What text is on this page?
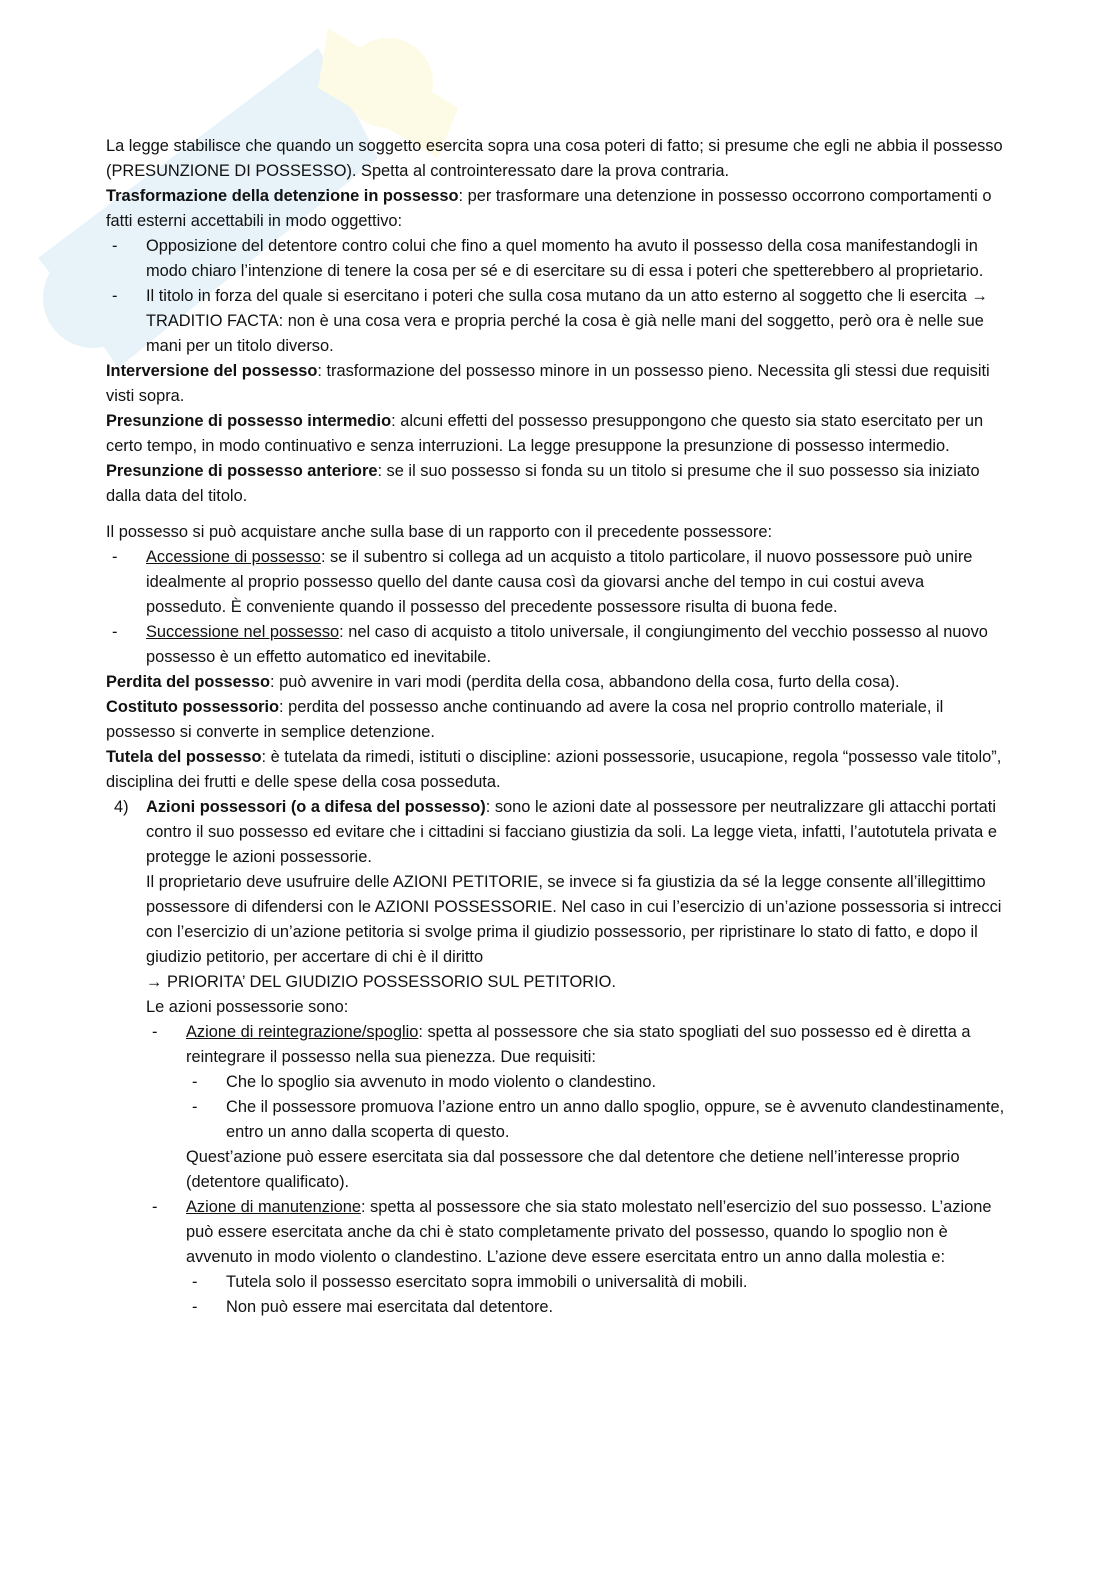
La legge stabilisce che quando un soggetto esercita sopra una cosa poteri di fatto; si presume che egli ne abbia il possesso (PRESUNZIONE DI POSSESSO). Spetta al controinteressato dare la prova contraria.

Trasformazione della detenzione in possesso: per trasformare una detenzione in possesso occorrono comportamenti o fatti esterni accettabili in modo oggettivo:

- Opposizione del detentore contro colui che fino a quel momento ha avuto il possesso della cosa manifestandogli in modo chiaro l’intenzione di tenere la cosa per sé e di esercitare su di essa i poteri che spetterebbero al proprietario.
- Il titolo in forza del quale si esercitano i poteri che sulla cosa mutano da un atto esterno al soggetto che li esercita → TRADITIO FACTA: non è una cosa vera e propria perché la cosa è già nelle mani del soggetto, però ora è nelle sue mani per un titolo diverso.

Interversione del possesso: trasformazione del possesso minore in un possesso pieno. Necessita gli stessi due requisiti visti sopra.

Presunzione di possesso intermedio: alcuni effetti del possesso presuppongono che questo sia stato esercitato per un certo tempo, in modo continuativo e senza interruzioni. La legge presuppone la presunzione di possesso intermedio.

Presunzione di possesso anteriore: se il suo possesso si fonda su un titolo si presume che il suo possesso sia iniziato dalla data del titolo.

Il possesso si può acquistare anche sulla base di un rapporto con il precedente possessore:

- Accessione di possesso: se il subentro si collega ad un acquisto a titolo particolare, il nuovo possessore può unire idealmente al proprio possesso quello del dante causa così da giovarsi anche del tempo in cui costui aveva posseduto. È conveniente quando il possesso del precedente possessore risulta di buona fede.
- Successione nel possesso: nel caso di acquisto a titolo universale, il congiungimento del vecchio possesso al nuovo possesso è un effetto automatico ed inevitabile.

Perdita del possesso: può avvenire in vari modi (perdita della cosa, abbandono della cosa, furto della cosa).

Costituto possessorio: perdita del possesso anche continuando ad avere la cosa nel proprio controllo materiale, il possesso si converte in semplice detenzione.

Tutela del possesso: è tutelata da rimedi, istituti o discipline: azioni possessorie, usucapione, regola “possesso vale titolo”, disciplina dei frutti e delle spese della cosa posseduta.

4) Azioni possessori (o a difesa del possesso): sono le azioni date al possessore per neutralizzare gli attacchi portati contro il suo possesso ed evitare che i cittadini si facciano giustizia da soli. La legge vieta, infatti, l’autotutela privata e protegge le azioni possessorie.

Il proprietario deve usufruire delle AZIONI PETITORIE, se invece si fa giustizia da sé la legge consente all’illegittimo possessore di difendersi con le AZIONI POSSESSORIE. Nel caso in cui l’esercizio di un’azione possessoria si intrecci con l’esercizio di un’azione petitoria si svolge prima il giudizio possessorio, per ripristinare lo stato di fatto, e dopo il giudizio petitorio, per accertare di chi è il diritto
→ PRIORITA’ DEL GIUDIZIO POSSESSORIO SUL PETITORIO.

Le azioni possessorie sono:

- Azione di reintegrazione/spoglio: spetta al possessore che sia stato spogliati del suo possesso ed è diretta a reintegrare il possesso nella sua pienezza. Due requisiti:
- Che lo spoglio sia avvenuto in modo violento o clandestino.
- Che il possessore promuova l’azione entro un anno dallo spoglio, oppure, se è avvenuto clandestinamente, entro un anno dalla scoperta di questo.

Quest’azione può essere esercitata sia dal possessore che dal detentore che detiene nell’interesse proprio (detentore qualificato).

- Azione di manutenzione: spetta al possessore che sia stato molestato nell’esercizio del suo possesso. L’azione può essere esercitata anche da chi è stato completamente privato del possesso, quando lo spoglio non è avvenuto in modo violento o clandestino. L’azione deve essere esercitata entro un anno dalla molestia e:
- Tutela solo il possesso esercitato sopra immobili o universalità di mobili.
- Non può essere mai esercitata dal detentore.
